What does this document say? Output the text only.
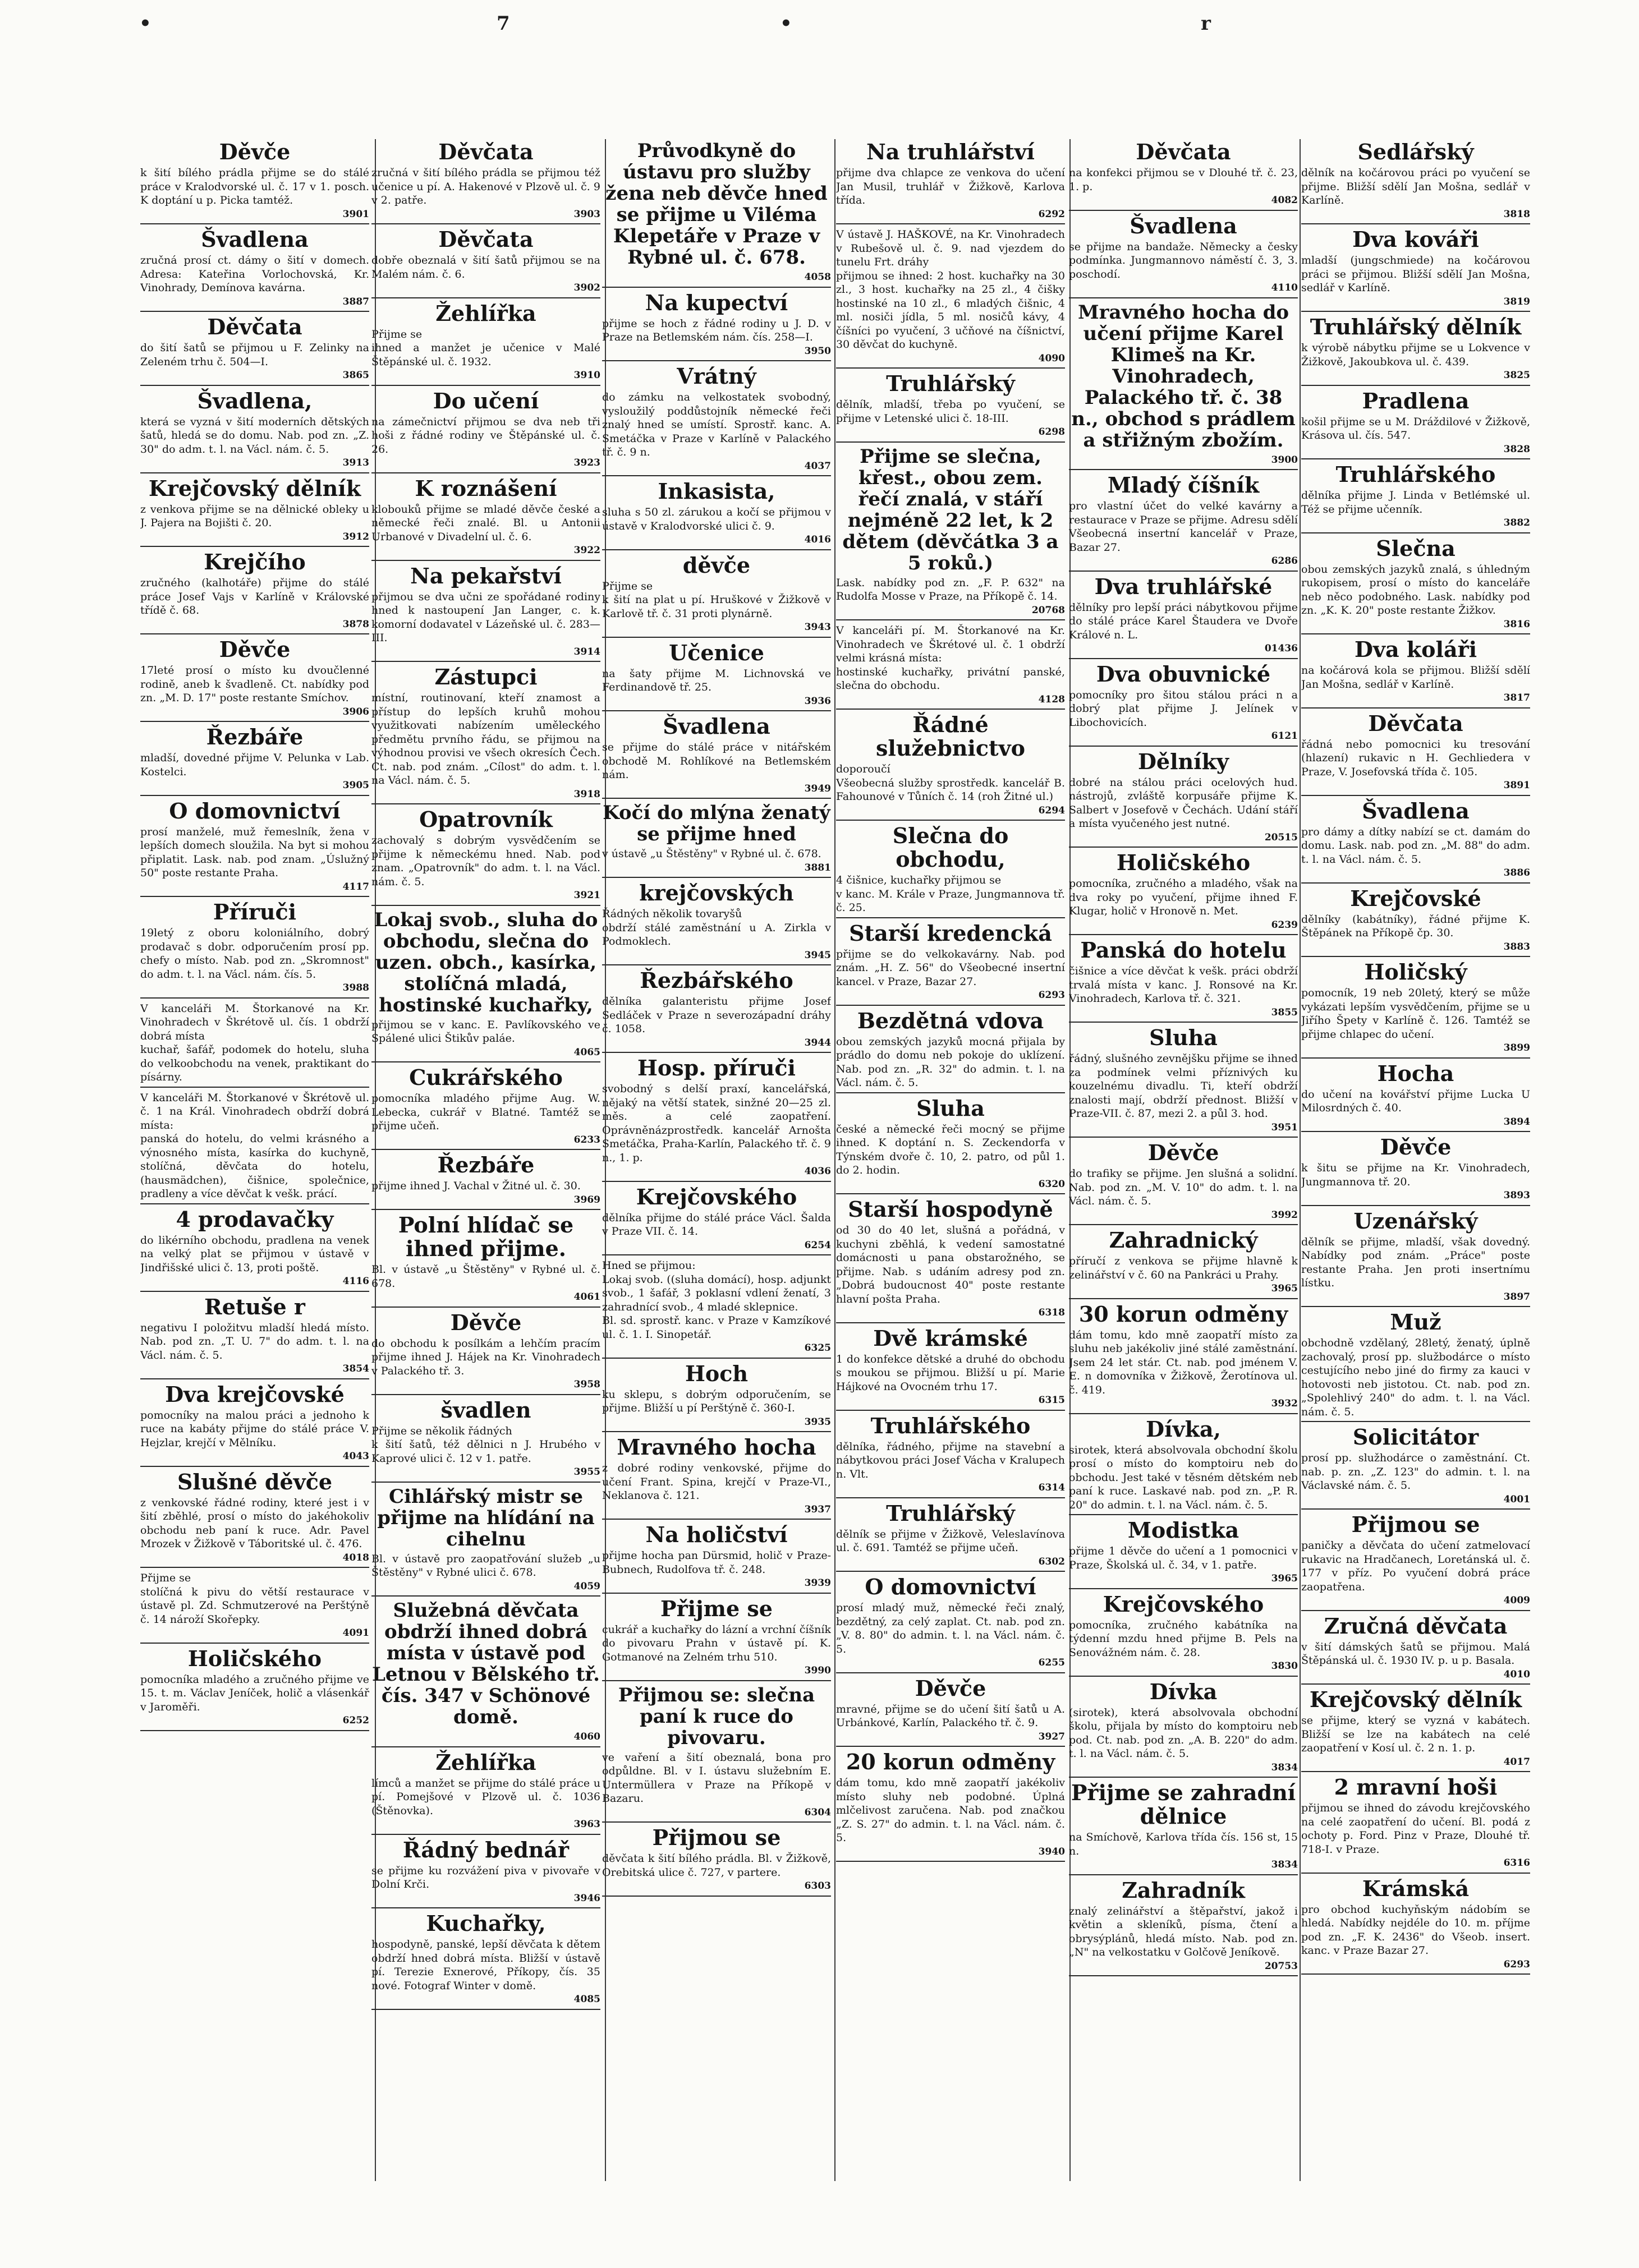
•	7	•	r
Děvče
k šití bílého prádla přijme se do stálé práce v Kralodvorské ul. č. 17 v 1. posch. K doptání u p. Picka tamtéž.
3901
Švadlena
zručná prosí ct. dámy o šití v domech. Adresa: Kateřina Vorlochovská, Kr. Vinohrady, Demínova kavárna.
3887
Děvčata
do šití šatů se přijmou u F. Zelinky na Zeleném trhu č. 504—I.
3865
Švadlena,
která se vyzná v šití moderních dětských šatů, hledá se do domu. Nab. pod zn. „Z. 30" do adm. t. l. na Václ. nám. č. 5.
3913
Krejčovský dělník
z venkova přijme se na dělnické obleky u J. Pajera na Bojišti č. 20.
3912
Krejčího
zručného (kalhotáře) přijme do stálé práce Josef Vajs v Karlíně v Královské třídě č. 68.
3878
Děvče
17leté prosí o místo ku dvoučlenné rodině, aneb k švadleně. Ct. nabídky pod zn. „M. D. 17" poste restante Smíchov.
3906
Řezbáře
mladší, dovedné přijme V. Pelunka v Lab. Kostelci.
3905
O domovnictví
prosí manželé, muž řemeslník, žena v lepších domech sloužila. Na byt si mohou připlatit. Lask. nab. pod znam. „Úslužný 50" poste restante Praha.
4117
Příruči
19letý z oboru koloniálního, dobrý prodavač s dobr. odporučením prosí pp. chefy o místo. Nab. pod zn. „Skromnost" do adm. t. l. na Václ. nám. čís. 5.
3988
V kanceláři M. Štorkanové na Kr. Vinohradech v Škrétově ul. čís. 1 obdrží dobrá místa
kuchař, šafář, podomek do hotelu, sluha do velkoobchodu na venek, praktikant do písárny.
V kanceláři M. Štorkanové v Škrétově ul. č. 1 na Král. Vinohradech obdrží dobrá místa:
panská do hotelu, do velmi krásného a výnosného místa, kasírka do kuchyně, stolíčná, děvčata do hotelu, (hausmädchen), čišnice, společnice, pradleny a více děvčat k vešk. prácí.
4 prodavačky
do likérního obchodu, pradlena na venek na velký plat se přijmou v ústavě v Jindřišské ulici č. 13, proti poště.
4116
Retuše r
negativu I položitvu mladší hledá místo. Nab. pod zn. „T. U. 7" do adm. t. l. na Václ. nám. č. 5.
3854
Dva krejčovské
pomocníky na malou práci a jednoho k ruce na kabáty přijme do stálé práce V. Hejzlar, krejčí v Mělníku.
4043
Slušné děvče
z venkovské řádné rodiny, které jest i v šití zběhlé, prosí o místo do jakéhokoliv obchodu neb paní k ruce. Adr. Pavel Mrozek v Žižkově v Táboritské ul. č. 476.
4018
Přijme se
stolíčná k pivu do větší restaurace v ústavě pl. Zd. Schmutzerové na Perštýně č. 14 nároží Skořepky.
4091
Holičského
pomocníka mladého a zručného přijme ve 15. t. m. Václav Jeníček, holič a vlásenkář v Jaroměři.
6252
Děvčata
zručná v šití bílého prádla se přijmou též učenice u pí. A. Hakenové v Plzově ul. č. 9 v 2. patře.
3903
Děvčata
dobře obeznalá v šití šatů přijmou se na Malém nám. č. 6.
3902
Žehlířka
Přijme se
ihned a manžet je učenice v Malé Štěpánské ul. č. 1932.
3910
Do učení
na zámečnictví přijmou se dva neb tři hoši z řádné rodiny ve Štěpánské ul. č. 26.
3923
K roznášení
klobouků přijme se mladé děvče české a německé řeči znalé. Bl. u Antonii Urbanové v Divadelní ul. č. 6.
3922
Na pekařství
přijmou se dva učni ze spořádané rodiny hned k nastoupení Jan Langer, c. k. komorní dodavatel v Lázeňské ul. č. 283—III.
3914
Zástupci
místní, routinovaní, kteří znamost a přístup do lepších kruhů mohou využitkovati nabízením uměleckého předmětu prvního řádu, se přijmou na výhodnou provisi ve všech okresích Čech. Ct. nab. pod znám. „Cílost" do adm. t. l. na Václ. nám. č. 5.
3918
Opatrovník
zachovalý s dobrým vysvědčením se přijme k německému hned. Nab. pod znam. „Opatrovník" do adm. t. l. na Václ. nám. č. 5.
3921
Lokaj svob., sluha do obchodu, slečna do uzen. obch., kasírka, stolíčná mladá, hostinské kuchařky,
přijmou se v kanc. E. Pavlíkovského ve Spálené ulici Štikův paláe.
4065
Cukrářského
pomocníka mladého přijme Aug. W. Lebecka, cukrář v Blatné. Tamtéž se přijme učeň.
6233
Řezbáře
přijme ihned J. Vachal v Žitné ul. č. 30.
3969
Polní hlídač se ihned přijme.
Bl. v ústavě „u Štěstěny" v Rybné ul. č. 678.
4061
Děvče
do obchodu k posílkám a lehčím pracím přijme ihned J. Hájek na Kr. Vinohradech v Palackého tř. 3.
3958
švadlen
Přijme se několik řádných
k šití šatů, též dělnici n J. Hrubého v Kaprové ulici č. 12 v 1. patře.
3955
Cihlářský mistr se přijme na hlídání na cihelnu
Bl. v ústavě pro zaopatřování služeb „u Štěstěny" v Rybné ulici č. 678.
4059
Služebná děvčata obdrží ihned dobrá místa v ústavě pod Letnou v Bělského tř. čís. 347 v Schönové domě.
4060
Žehlířka
límců a manžet se přijme do stálé práce u pí. Pomejšové v Plzově ul. č. 1036 (Štěnovka).
3963
Řádný bednář
se přijme ku rozvážení piva v pivovaře v Dolní Krči.
3946
Kuchařky,
hospodyně, panské, lepší děvčata k dětem obdrží hned dobrá místa. Bližší v ústavě pí. Terezie Exnerové, Příkopy, čís. 35 nové. Fotograf Winter v domě.
4085
Průvodkyně do ústavu pro služby žena neb děvče hned se přijme u Viléma Klepetáře v Praze v Rybné ul. č. 678.
4058
Na kupectví
přijme se hoch z řádné rodiny u J. D. v Praze na Betlemském nám. čís. 258—I.
3950
Vrátný
do zámku na velkostatek svobodný, vysloužilý poddůstojník německé řeči znalý hned se umístí. Sprostř. kanc. A. Smetáčka v Praze v Karlíně v Palackého tř. č. 9 n.
4037
Inkasista,
sluha s 50 zl. zárukou a kočí se přijmou v ústavě v Kralodvorské ulici č. 9.
4016
děvče
Přijme se
k šití na plat u pí. Hruškové v Žižkově v Karlově tř. č. 31 proti plynárně.
3943
Učenice
na šaty přijme M. Lichnovská ve Ferdinandově tř. 25.
3936
Švadlena
se přijme do stálé práce v nitářském obchodě M. Rohlíkové na Betlemském nám.
3949
Kočí do mlýna ženatý se přijme hned
v ústavě „u Štěstěny" v Rybné ul. č. 678.
3881
krejčovských
Řádných několik tovaryšů
obdrží stálé zaměstnání u A. Zirkla v Podmoklech.
3945
Řezbářského
dělníka galanteristu přijme Josef Sedláček v Praze n severozápadní dráhy č. 1058.
3944
Hosp. příruči
svobodný s delší praxí, kancelářská, nějaký na větší statek, sinžné 20—25 zl. měs. a celé zaopatření. Oprávněnázprostředk. kancelář Arnošta Smetáčka, Praha-Karlín, Palackého tř. č. 9 n., 1. p.
4036
Krejčovského
dělníka přijme do stálé práce Václ. Šalda v Praze VII. č. 14.
6254
Hned se přijmou:
Lokaj svob. ((sluha domácí), hosp. adjunkt svob., 1 šafář, 3 poklasní vdlení ženatí, 3 zahradnící svob., 4 mladé sklepnice.
Bl. sd. sprostř. kanc. v Praze v Kamzíkové ul. č. 1. I. Sinopetář.
6325
Hoch
ku sklepu, s dobrým odporučením, se přijme. Bližší u pí Perštýně č. 360-I.
3935
Mravného hocha
z dobré rodiny venkovské, přijme do učení Frant. Spina, krejčí v Praze-VI., Neklanova č. 121.
3937
Na holičství
přijme hocha pan Dürsmid, holič v Praze-Bubnech, Rudolfova tř. č. 248.
3939
Přijme se
cukrář a kuchařky do lázní a vrchní číšník do pivovaru Prahn v ústavě pí. K. Gotmanové na Zelném trhu 510.
3990
Přijmou se: slečna paní k ruce do pivovaru.
ve vaření a šití obeznalá, bona pro odpůldne. Bl. v I. ústavu služebním E. Untermüllera v Praze na Příkopě v Bazaru.
6304
Přijmou se
děvčata k šití bílého prádla. Bl. v Žižkově, Orebitská ulice č. 727, v partere.
6303
Na truhlářství
přijme dva chlapce ze venkova do učení Jan Musil, truhlář v Žižkově, Karlova třída.
6292
V ústavě J. HAŠKOVÉ, na Kr. Vinohradech v Rubešově ul. č. 9. nad vjezdem do tunelu Frt. dráhy
přijmou se ihned: 2 host. kuchařky na 30 zl., 3 host. kuchařky na 25 zl., 4 čišky hostinské na 10 zl., 6 mladých čišnic, 4 ml. nosiči jídla, 5 ml. nosičů kávy, 4 číšníci po vyučení, 3 učňové na číšnictví, 30 děvčat do kuchyně.
4090
Truhlářský
dělník, mladší, třeba po vyučení, se přijme v Letenské ulici č. 18-III.
6298
Přijme se slečna, křest., obou zem. řečí znalá, v stáří nejméně 22 let, k 2 dětem (děvčátka 3 a 5 roků.)
Lask. nabídky pod zn. „F. P. 632" na Rudolfa Mosse v Praze, na Příkopě č. 14.
20768
V kanceláři pí. M. Štorkanové na Kr. Vinohradech ve Škrétové ul. č. 1 obdrží velmi krásná místa:
hostinské kuchařky, privátní panské, slečna do obchodu.
4128
Řádné služebnictvo
doporoučí
Všeobecná služby sprostředk. kancelář B. Fahounové v Tůních č. 14 (roh Žitné ul.)
6294
Slečna do obchodu,
4 čišnice, kuchařky přijmou se
v kanc. M. Krále v Praze, Jungmannova tř. č. 25.
Starší kredencká
přijme se do velkokavárny. Nab. pod znám. „H. Z. 56" do Všeobecné insertní kancel. v Praze, Bazar 27.
6293
Bezdětná vdova
obou zemských jazyků mocná přijala by prádlo do domu neb pokoje do uklízení. Nab. pod zn. „R. 32" do admin. t. l. na Václ. nám. č. 5.
Sluha
české a německé řeči mocný se přijme ihned. K doptání n. S. Zeckendorfa v Týnském dvoře č. 10, 2. patro, od půl 1. do 2. hodin.
6320
Starší hospodyně
od 30 do 40 let, slušná a pořádná, v kuchyni zběhlá, k vedení samostatné domácnosti u pana obstarožného, se přijme. Nab. s udáním adresy pod zn. „Dobrá budoucnost 40" poste restante hlavní pošta Praha.
6318
Dvě krámské
1 do konfekce dětské a druhé do obchodu s moukou se přijmou. Bližší u pí. Marie Hájkové na Ovocném trhu 17.
6315
Truhlářského
dělníka, řádného, přijme na stavební a nábytkovou práci Josef Vácha v Kralupech n. Vlt.
6314
Truhlářský
dělník se přijme v Žižkově, Veleslavínova ul. č. 691. Tamtéž se přijme učeň.
6302
O domovnictví
prosí mladý muž, německé řeči znalý, bezdětný, za celý zaplat. Ct. nab. pod zn. „V. 8. 80" do admin. t. l. na Václ. nám. č. 5.
6255
Děvče
mravné, přijme se do učení šití šatů u A. Urbánkové, Karlín, Palackého tř. č. 9.
3927
20 korun odměny
dám tomu, kdo mně zaopatří jakékoliv místo sluhy neb podobné. Úplná mlčelivost zaručena. Nab. pod značkou „Z. S. 27" do admin. t. l. na Václ. nám. č. 5.
3940
Děvčata
na konfekci přijmou se v Dlouhé tř. č. 23, 1. p.
4082
Švadlena
se přijme na bandaže. Německy a česky podmínka. Jungmannovo náměstí č. 3, 3. poschodí.
4110
Mravného hocha do učení přijme Karel Klimeš na Kr. Vinohradech, Palackého tř. č. 38 n., obchod s prádlem a střižným zbožím.
3900
Mladý číšník
pro vlastní účet do velké kavárny a restaurace v Praze se přijme. Adresu sdělí Všeobecná insertní kancelář v Praze, Bazar 27.
6286
Dva truhlářské
dělníky pro lepší práci nábytkovou přijme do stálé práce Karel Štaudera ve Dvoře Králové n. L.
01436
Dva obuvnické
pomocníky pro šitou stálou práci n a dobrý plat přijme J. Jelínek v Libochovicích.
6121
Dělníky
dobré na stálou práci ocelových hud. nástrojů, zvláště korpusáře přijme K. Salbert v Josefově v Čechách. Udání stáří a místa vyučeného jest nutné.
20515
Holičského
pomocníka, zručného a mladého, však na dva roky po vyučení, přijme ihned F. Klugar, holič v Hronově n. Met.
6239
Panská do hotelu
čišnice a více děvčat k vešk. práci obdrží trvalá místa v kanc. J. Ronsové na Kr. Vinohradech, Karlova tř. č. 321.
3855
Sluha
řádný, slušného zevnějšku přijme se ihned za podmínek velmi příznivých ku kouzelnému divadlu. Ti, kteří obdrží znalosti mají, obdrží přednost. Bližší v Praze-VII. č. 87, mezi 2. a půl 3. hod.
3951
Děvče
do trafiky se přijme. Jen slušná a solidní. Nab. pod zn. „M. V. 10" do adm. t. l. na Václ. nám. č. 5.
3992
Zahradnický
příručí z venkova se přijme hlavně k zelinářství v č. 60 na Pankráci u Prahy.
3965
30 korun odměny
dám tomu, kdo mně zaopatří místo za sluhu neb jakékoliv jiné stálé zaměstnání. Jsem 24 let stár. Ct. nab. pod jménem V. E. n domovníka v Žižkově, Žerotínova ul. č. 419.
3932
Dívka,
sirotek, která absolvovala obchodní školu prosí o místo do komptoiru neb do obchodu. Jest také v těsném dětském neb paní k ruce. Laskavé nab. pod zn. „P. R. 20" do admin. t. l. na Václ. nám. č. 5.
Modistka
přijme 1 děvče do učení a 1 pomocnici v Praze, Školská ul. č. 34, v 1. patře.
3965
Krejčovského
pomocníka, zručného kabátníka na týdenní mzdu hned přijme B. Pels na Senovážném nám. č. 28.
3830
Dívka
(sirotek), která absolvovala obchodní školu, přijala by místo do komptoiru neb pod. Ct. nab. pod zn. „A. B. 220" do adm. t. l. na Václ. nám. č. 5.
3834
Přijme se zahradní dělnice
na Smíchově, Karlova třída čís. 156 st, 15 n.
3834
Zahradník
znalý zelinářství a štěpařství, jakož i květin a skleníků, písma, čtení a obrysýplánů, hledá místo. Nab. pod zn. „N" na velkostatku v Golčově Jeníkově.
20753
Sedlářský
dělník na kočárovou práci po vyučení se přijme. Bližší sdělí Jan Mošna, sedlář v Karlíně.
3818
Dva kováři
mladší (jungschmiede) na kočárovou práci se přijmou. Bližší sdělí Jan Mošna, sedlář v Karlíně.
3819
Truhlářský dělník
k výrobě nábytku přijme se u Lokvence v Žižkově, Jakoubkova ul. č. 439.
3825
Pradlena
košil přijme se u M. Dráždilové v Žižkově, Krásova ul. čís. 547.
3828
Truhlářského
dělníka přijme J. Linda v Betlémské ul. Též se přijme učenník.
3882
Slečna
obou zemských jazyků znalá, s úhledným rukopisem, prosí o místo do kanceláře neb něco podobného. Lask. nabídky pod zn. „K. K. 20" poste restante Žižkov.
3816
Dva koláři
na kočárová kola se přijmou. Bližší sdělí Jan Mošna, sedlář v Karlíně.
3817
Děvčata
řádná nebo pomocnici ku tresování (hlazení) rukavic n H. Gechliedera v Praze, V. Josefovská třída č. 105.
3891
Švadlena
pro dámy a dítky nabízí se ct. damám do domu. Lask. nab. pod zn. „M. 88" do adm. t. l. na Václ. nám. č. 5.
3886
Krejčovské
dělníky (kabátníky), řádné přijme K. Štěpánek na Příkopě čp. 30.
3883
Holičský
pomocník, 19 neb 20letý, který se může vykázati lepším vysvědčením, přijme se u Jiřího Špety v Karlíně č. 126. Tamtéž se přijme chlapec do učení.
3899
Hocha
do učení na kovářství přijme Lucka U Milosrdných č. 40.
3894
Děvče
k šitu se přijme na Kr. Vinohradech, Jungmannova tř. 20.
3893
Uzenářský
dělník se přijme, mladší, však dovedný. Nabídky pod znám. „Práce" poste restante Praha. Jen proti insertnímu lístku.
3897
Muž
obchodně vzdělaný, 28letý, ženatý, úplně zachovalý, prosí pp. službodárce o místo cestujícího nebo jiné do firmy za kauci v hotovosti neb jistotou. Ct. nab. pod zn. „Spolehlivý 240" do adm. t. l. na Václ. nám. č. 5.
Solicitátor
prosí pp. služhodárce o zaměstnání. Ct. nab. p. zn. „Z. 123" do admin. t. l. na Václavské nám. č. 5.
4001
Přijmou se
paničky a děvčata do učení zatmelovací rukavic na Hradčanech, Loretánská ul. č. 177 v příz. Po vyučení dobrá práce zaopatřena.
4009
Zručná děvčata
v šití dámských šatů se přijmou. Malá Štěpánská ul. č. 1930 IV. p. u p. Basala.
4010
Krejčovský dělník
se přijme, který se vyzná v kabátech. Bližší se lze na kabátech na celé zaopatření v Kosí ul. č. 2 n. 1. p.
4017
2 mravní hoši
přijmou se ihned do závodu krejčovského na celé zaopatření do učení. Bl. podá z ochoty p. Ford. Pinz v Praze, Dlouhé tř. 718-I. v Praze.
6316
Krámská
pro obchod kuchyňským nádobím se hledá. Nabídky nejdéle do 10. m. příjme pod zn. „F. K. 2436" do Všeob. insert. kanc. v Praze Bazar 27.
6293
